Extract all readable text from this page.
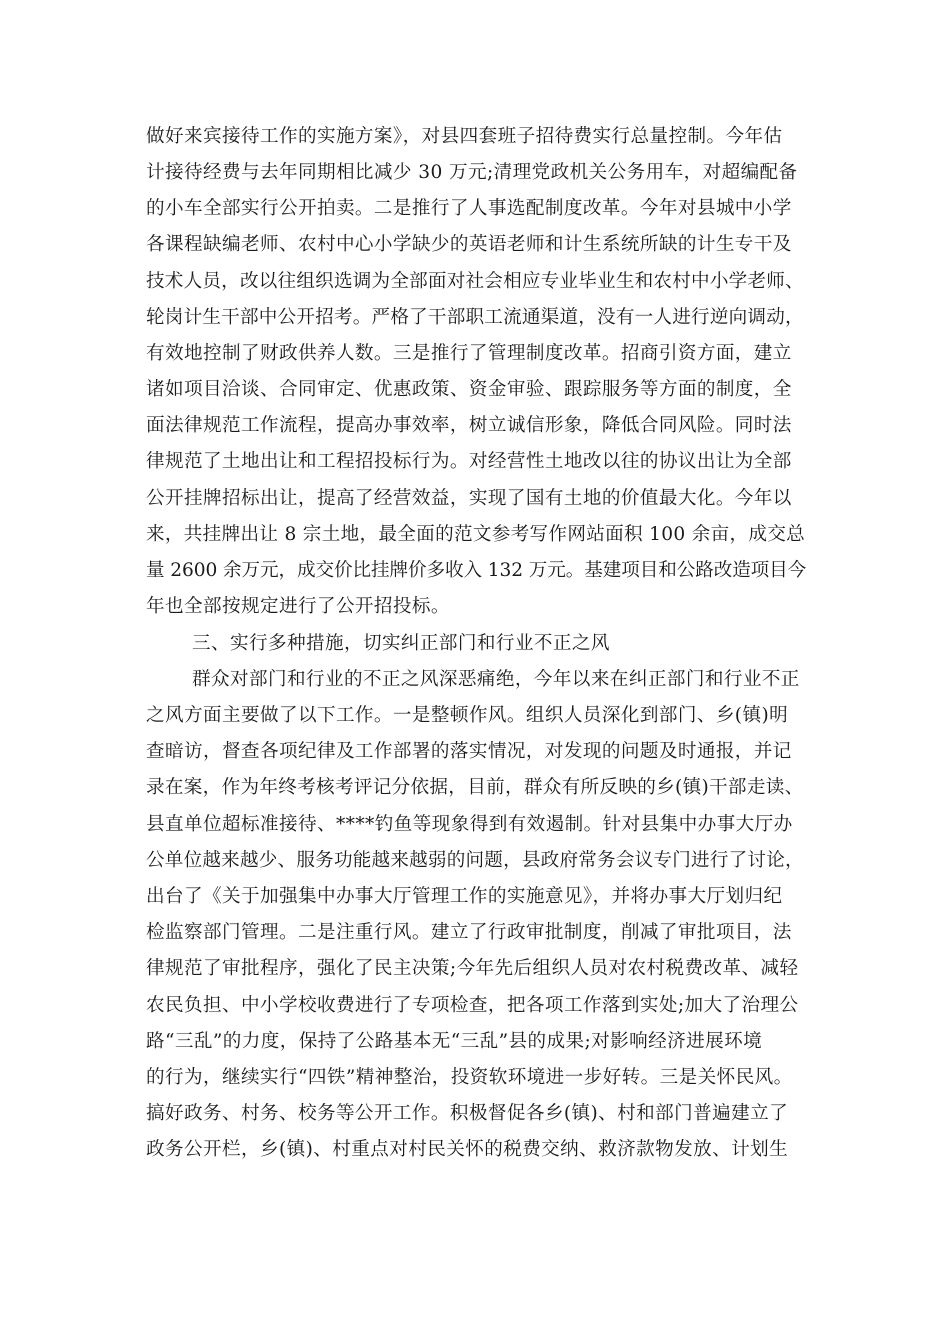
做好来宾接待工作的实施方案》，对县四套班子招待费实行总量控制。今年估
计接待经费与去年同期相比减少 30 万元;清理党政机关公务用车，对超编配备
的小车全部实行公开拍卖。二是推行了人事选配制度改革。今年对县城中小学
各课程缺编老师、农村中心小学缺少的英语老师和计生系统所缺的计生专干及
技术人员，改以往组织选调为全部面对社会相应专业毕业生和农村中小学老师、
轮岗计生干部中公开招考。严格了干部职工流通渠道，没有一人进行逆向调动，
有效地控制了财政供养人数。三是推行了管理制度改革。招商引资方面，建立
诸如项目洽谈、合同审定、优惠政策、资金审验、跟踪服务等方面的制度，全
面法律规范工作流程，提高办事效率，树立诚信形象，降低合同风险。同时法
律规范了土地出让和工程招投标行为。对经营性土地改以往的协议出让为全部
公开挂牌招标出让，提高了经营效益，实现了国有土地的价值最大化。今年以
来，共挂牌出让 8 宗土地，最全面的范文参考写作网站面积 100 余亩，成交总
量 2600 余万元，成交价比挂牌价多收入 132 万元。基建项目和公路改造项目今
年也全部按规定进行了公开招投标。
三、实行多种措施，切实纠正部门和行业不正之风
群众对部门和行业的不正之风深恶痛绝，今年以来在纠正部门和行业不正
之风方面主要做了以下工作。一是整顿作风。组织人员深化到部门、乡(镇)明
查暗访，督查各项纪律及工作部署的落实情况，对发现的问题及时通报，并记
录在案，作为年终考核考评记分依据，目前，群众有所反映的乡(镇)干部走读、
县直单位超标准接待、****钓鱼等现象得到有效遏制。针对县集中办事大厅办
公单位越来越少、服务功能越来越弱的问题，县政府常务会议专门进行了讨论，
出台了《关于加强集中办事大厅管理工作的实施意见》，并将办事大厅划归纪
检监察部门管理。二是注重行风。建立了行政审批制度，削减了审批项目，法
律规范了审批程序，强化了民主决策;今年先后组织人员对农村税费改革、减轻
农民负担、中小学校收费进行了专项检查，把各项工作落到实处;加大了治理公
路“三乱”的力度，保持了公路基本无“三乱”县的成果;对影响经济进展环境
的行为，继续实行“四铁”精神整治，投资软环境进一步好转。三是关怀民风。
搞好政务、村务、校务等公开工作。积极督促各乡(镇)、村和部门普遍建立了
政务公开栏，乡(镇)、村重点对村民关怀的税费交纳、救济款物发放、计划生
